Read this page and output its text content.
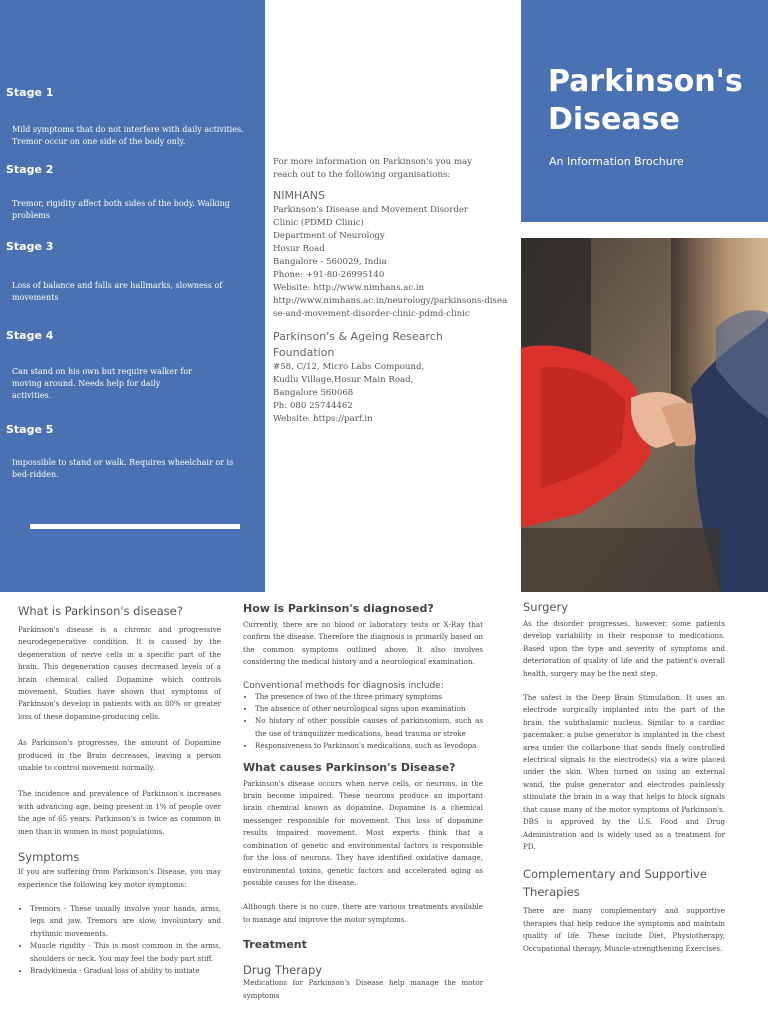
Stage 1
Mild symptoms that do not interfere with daily activities. Tremor occur on one side of the body only.
Stage 2
Tremor, rigidity affect both sides of the body. Walking problems
Stage 3
Loss of balance and falls are hallmarks, slowness of movements
Stage 4
Can stand on his own but require walker for moving around. Needs help for daily activities.
Stage 5
Impossible to stand or walk. Requires wheelchair or is bed-ridden.
For more information on Parkinson's you may reach out to the following organisations:
NIMHANS
Parkinson's Disease and Movement Disorder Clinic (PDMD Clinic)
Department of Neurology
Hosur Road
Bangalore - 560029, India
Phone: +91-80-26995140
Website: http://www.nimhans.ac.in
http://www.nimhans.ac.in/neurology/parkinsons-disease-and-movement-disorder-clinic-pdmd-clinic
Parkinson's & Ageing Research Foundation
#58, C/12, Micro Labs Compound,
Kudlu Village,Hosur Main Road,
Bangalore 560068
Ph: 080 25744462
Website: https://parf.in
Parkinson's
Disease
An Information Brochure
What is Parkinson's disease?
Parkinson's disease is a chronic and progressive neurodegenerative condition. It is caused by the degeneration of nerve cells in a specific part of the brain. This degeneration causes decreased levels of a brain chemical called Dopamine which controls movement. Studies have shown that symptoms of Parkinson's develop in patients with an 80% or greater loss of these dopamine-producing cells.
As Parkinson's progresses, the amount of Dopamine produced in the Brain decreases, leaving a person unable to control movement normally.
The incidence and prevalence of Parkinson's increases with advancing age, being present in 1% of people over the age of 65 years. Parkinson's is twice as common in men than in women in most populations.
Symptoms
If you are suffering from Parkinson's Disease, you may experience the following key motor symptoms:
• Tremors - These usually involve your hands, arms, legs and jaw. Tremors are slow, involuntary and rhythmic movements.
• Muscle rigidity - This is most common in the arms, shoulders or neck. You may feel the body part stiff.
• Bradykinesia - Gradual loss of ability to initiate
How is Parkinson's diagnosed?
Currently, there are no blood or laboratory tests or X-Ray that confirm the disease. Therefore the diagnosis is primarily based on the common symptoms outlined above. It also involves considering the medical history and a neurological examination.
Conventional methods for diagnosis include:
• The presence of two of the three primary symptoms
• The absence of other neurological signs upon examination
• No history of other possible causes of parkinsonism, such as the use of tranquilizer medications, head trauma or stroke
• Responsiveness to Parkinson's medications, such as levodopa
What causes Parkinson's Disease?
Parkinson's disease occurs when nerve cells, or neurons, in the brain become impaired. These neurons produce an important brain chemical known as dopamine. Dopamine is a chemical messenger responsible for movement. This loss of dopamine results impaired movement. Most experts think that a combination of genetic and environmental factors is responsible for the loss of neurons. They have identified oxidative damage, environmental toxins, genetic factors and accelerated aging as possible causes for the disease.
Although there is no cure, there are various treatments available to manage and improve the motor symptoms.
Treatment
Drug Therapy
Medications for Parkinson's Disease help manage the motor symptoms
Surgery
As the disorder progresses, however, some patients develop variability in their response to medications. Based upon the type and severity of symptoms and deterioration of quality of life and the patient's overall health, surgery may be the next step.
The safest is the Deep Brain Stimulation. It uses an electrode surgically implanted into the part of the brain, the subthalamic nucleus. Similar to a cardiac pacemaker, a pulse generator is implanted in the chest area under the collarbone that sends finely controlled electrical signals to the electrode(s) via a wire placed under the skin. When turned on using an external wand, the pulse generator and electrodes painlessly stimulate the brain in a way that helps to block signals that cause many of the motor symptoms of Parkinson's. DBS is approved by the U.S. Food and Drug Administration and is widely used as a treatment for PD.
Complementary and Supportive Therapies
There are many complementary and supportive therapies that help reduce the symptoms and maintain quality of life. These include Diet, Physiotherapy, Occupational therapy, Muscle-strengthening Exercises.
